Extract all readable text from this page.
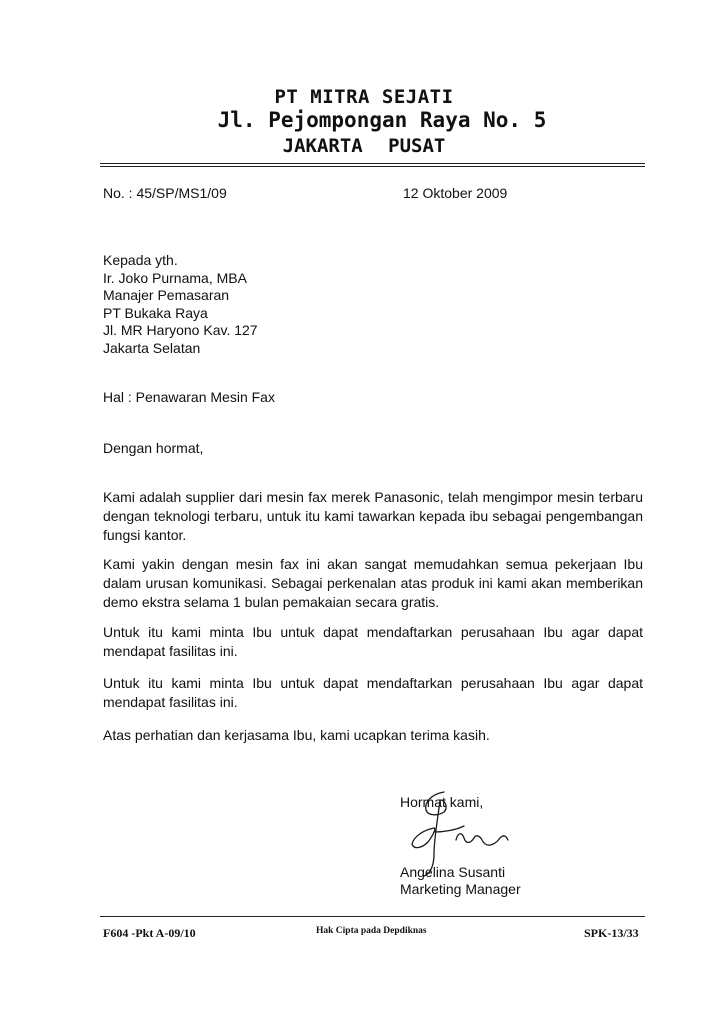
PT MITRA SEJATI
Jl. Pejompongan Raya No. 5
JAKARTA PUSAT
No. : 45/SP/MS1/09	12 Oktober 2009
Kepada yth.
Ir. Joko Purnama, MBA
Manajer Pemasaran
PT Bukaka Raya
Jl. MR Haryono Kav. 127
Jakarta Selatan
Hal : Penawaran Mesin Fax
Dengan hormat,
Kami adalah supplier dari mesin fax merek Panasonic, telah mengimpor mesin terbaru dengan teknologi terbaru, untuk itu kami tawarkan kepada ibu sebagai pengembangan fungsi kantor.
Kami yakin dengan mesin fax ini akan sangat memudahkan semua pekerjaan Ibu dalam urusan komunikasi. Sebagai perkenalan atas produk ini kami akan memberikan demo ekstra selama 1 bulan pemakaian secara gratis.
Untuk itu kami minta Ibu untuk dapat mendaftarkan perusahaan Ibu agar dapat mendapat fasilitas ini.
Untuk itu kami minta Ibu untuk dapat mendaftarkan perusahaan Ibu agar dapat mendapat fasilitas ini.
Atas perhatian dan kerjasama Ibu, kami ucapkan terima kasih.
Hormat kami,
Angelina Susanti
Marketing Manager
F604 -Pkt A-09/10	Hak Cipta pada Depdiknas	SPK-13/33
